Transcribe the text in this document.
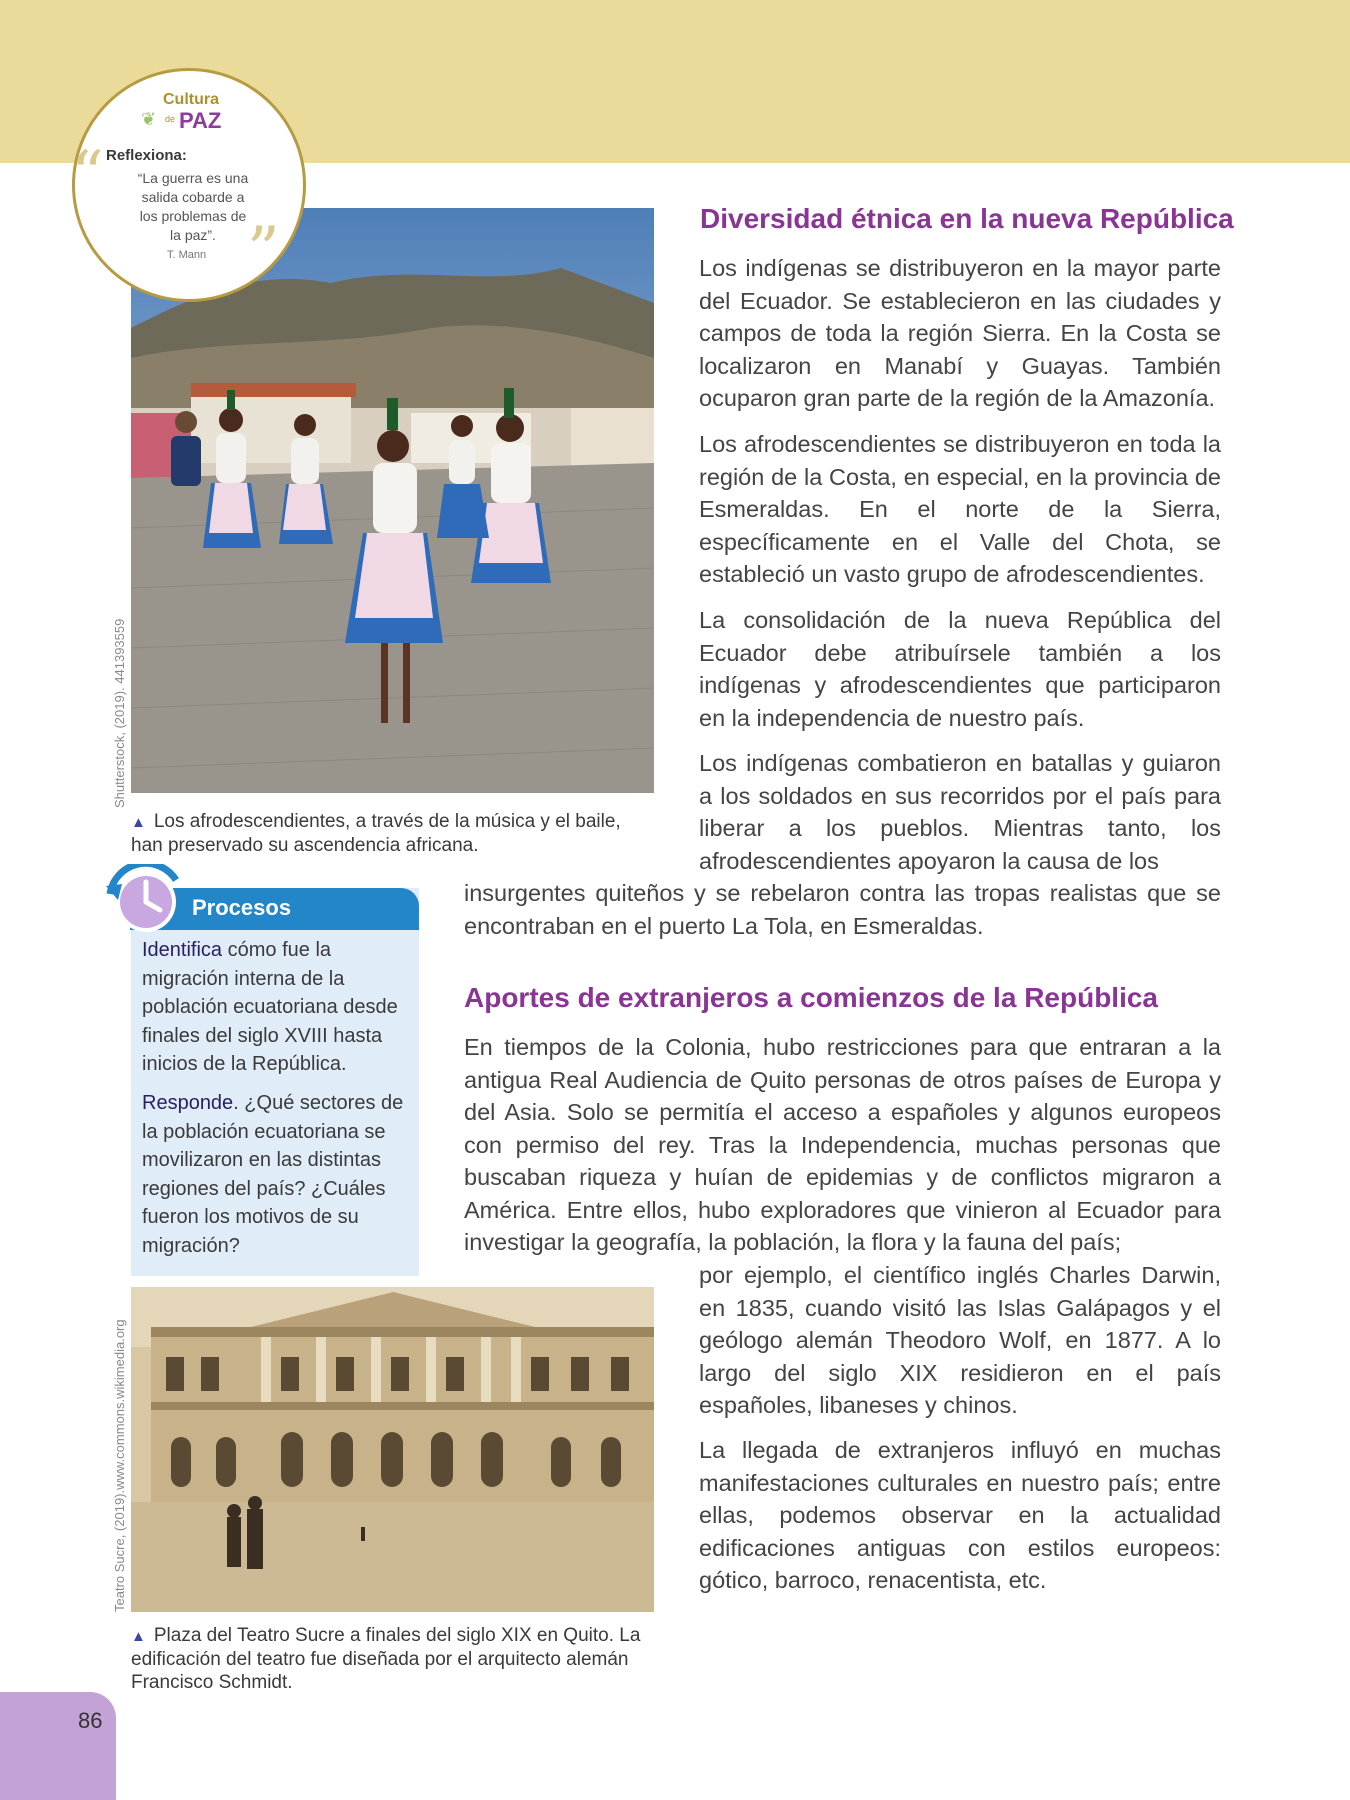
Shutterstock, (2019). 441393559
▲ Los afrodescendientes, a través de la música y el baile, han preservado su ascendencia africana.
❦
Cultura
de PAZ
“ Reflexiona:
“La guerra es una salida cobarde a los problemas de la paz”.
T. Mann ”
Procesos
Identifica cómo fue la migración interna de la población ecuatoriana desde finales del siglo XVIII hasta inicios de la República.
Responde. ¿Qué sectores de la población ecuatoriana se movilizaron en las distintas regiones del país? ¿Cuáles fueron los motivos de su migración?
Diversidad étnica en la nueva República

Los indígenas se distribuyeron en la mayor parte del Ecuador. Se establecieron en las ciudades y campos de toda la región Sierra. En la Costa se localizaron en Manabí y Guayas. También ocuparon gran parte de la región de la Amazonía.

Los afrodescendientes se distribuyeron en toda la región de la Costa, en especial, en la provincia de Esmeraldas. En el norte de la Sierra, específicamente en el Valle del Chota, se estableció un vasto grupo de afrodescendientes.

La consolidación de la nueva República del Ecuador debe atribuírsele también a los indígenas y afrodescendientes que participaron en la independencia de nuestro país.

Los indígenas combatieron en batallas y guiaron a los soldados en sus recorridos por el país para liberar a los pueblos. Mientras tanto, los afrodescendientes apoyaron la causa de los

insurgentes quiteños y se rebelaron contra las tropas realistas que se encontraban en el puerto La Tola, en Esmeraldas.

Aportes de extranjeros a comienzos de la República

En tiempos de la Colonia, hubo restricciones para que entraran a la antigua Real Audiencia de Quito personas de otros países de Europa y del Asia. Solo se permitía el acceso a españoles y algunos europeos con permiso del rey. Tras la Independencia, muchas personas que buscaban riqueza y huían de epidemias y de conflictos migraron a América. Entre ellos, hubo exploradores que vinieron al Ecuador para investigar la geografía, la población, la flora y la fauna del país;

por ejemplo, el científico inglés Charles Darwin, en 1835, cuando visitó las Islas Galápagos y el geólogo alemán Theodoro Wolf, en 1877. A lo largo del siglo XIX residieron en el país españoles, libaneses y chinos.

La llegada de extranjeros influyó en muchas manifestaciones culturales en nuestro país; entre ellas, podemos observar en la actualidad edificaciones antiguas con estilos europeos: gótico, barroco, renacentista, etc.

Teatro Sucre, (2019).www.commons.wikimedia.org
▲ Plaza del Teatro Sucre a finales del siglo XIX en Quito. La edificación del teatro fue diseñada por el arquitecto alemán Francisco Schmidt.
86
